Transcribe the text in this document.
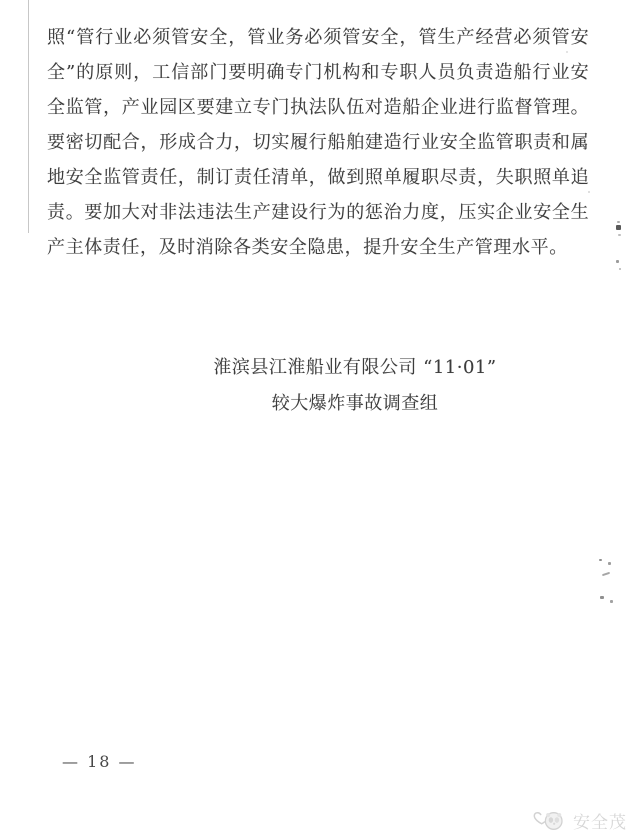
照“管行业必须管安全，管业务必须管安全，管生产经营必须管安
全”的原则，工信部门要明确专门机构和专职人员负责造船行业安
全监管，产业园区要建立专门执法队伍对造船企业进行监督管理。
要密切配合，形成合力，切实履行船舶建造行业安全监管职责和属
地安全监管责任，制订责任清单，做到照单履职尽责，失职照单追
责。要加大对非法违法生产建设行为的惩治力度，压实企业安全生
产主体责任，及时消除各类安全隐患，提升安全生产管理水平。
淮滨县江淮船业有限公司 “11·01”
较大爆炸事故调查组
— 18 —
安全茂
